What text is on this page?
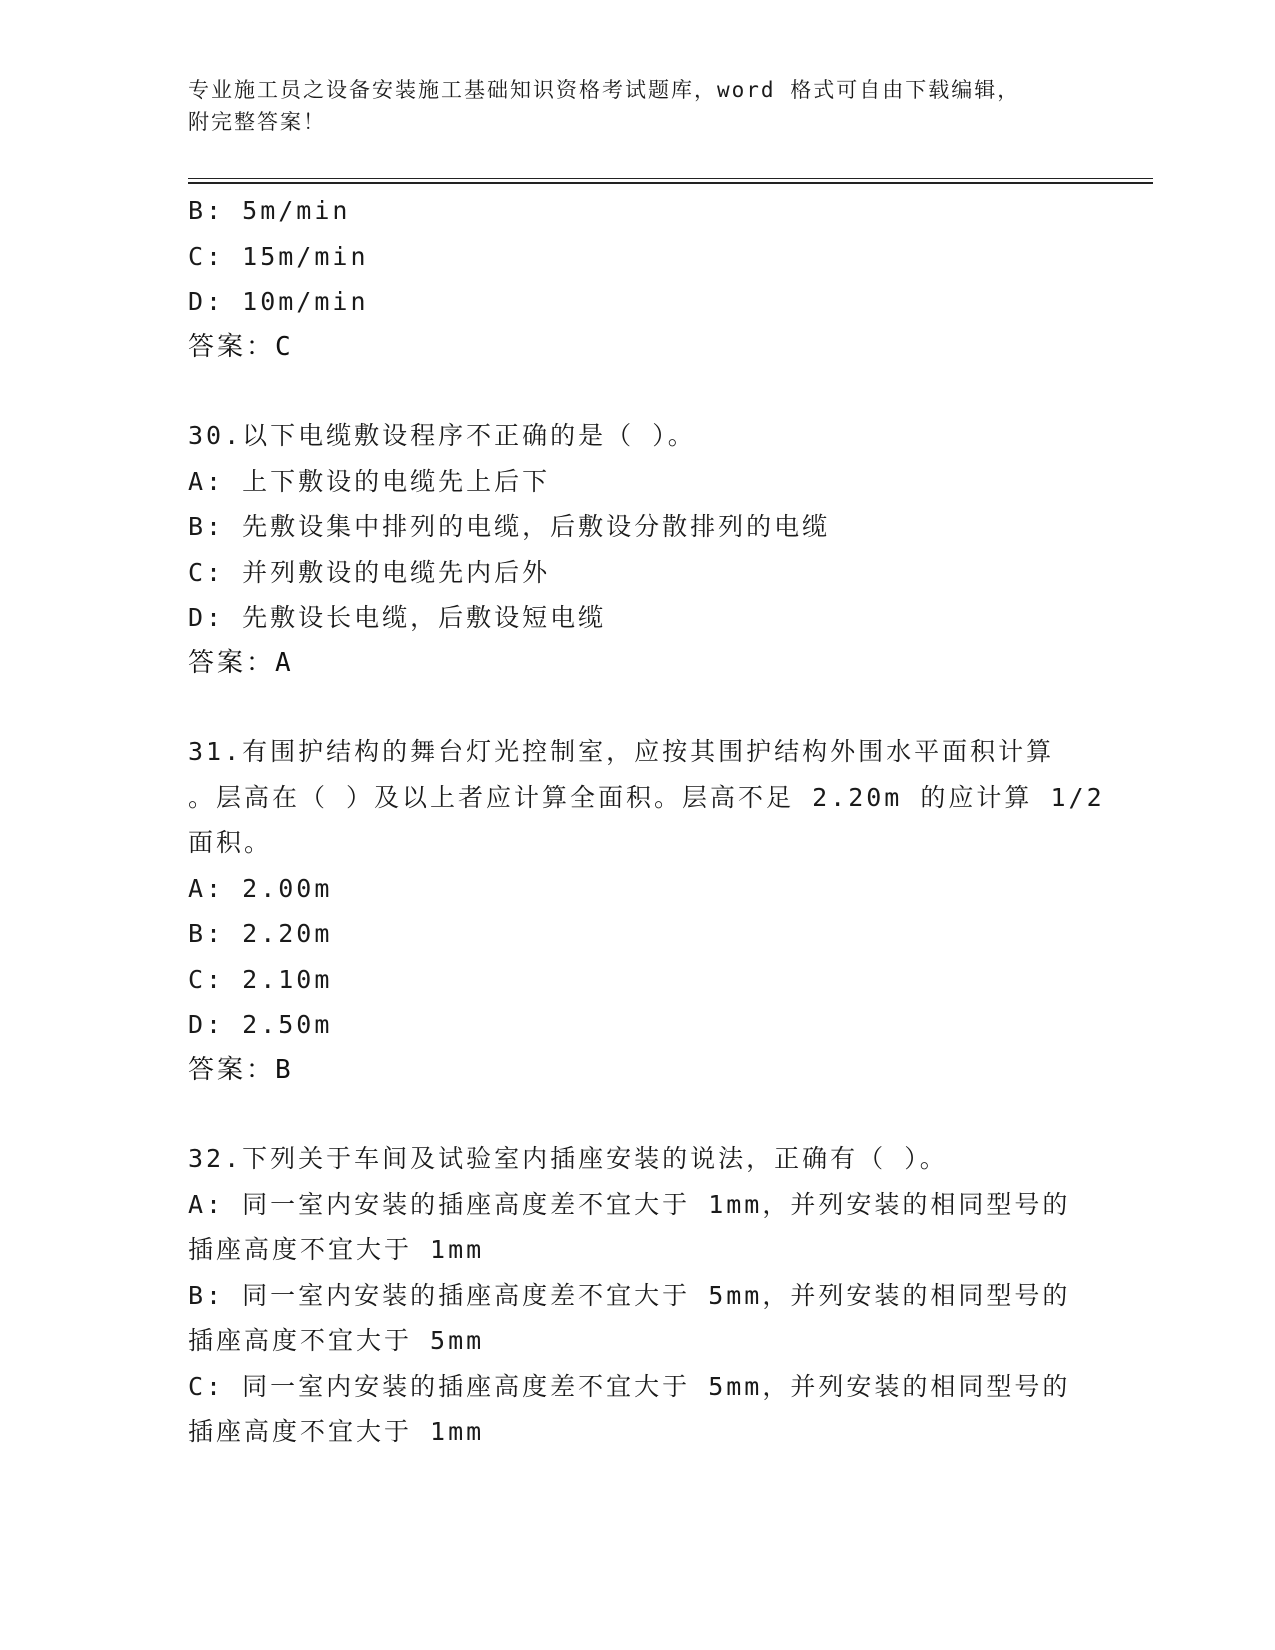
专业施工员之设备安装施工基础知识资格考试题库，word 格式可自由下载编辑，
附完整答案！
B: 5m/min
C: 15m/min
D: 10m/min
答案：C
30.以下电缆敷设程序不正确的是（ ）。
A: 上下敷设的电缆先上后下
B: 先敷设集中排列的电缆，后敷设分散排列的电缆
C: 并列敷设的电缆先内后外
D: 先敷设长电缆，后敷设短电缆
答案：A
31.有围护结构的舞台灯光控制室，应按其围护结构外围水平面积计算
。层高在（ ）及以上者应计算全面积。层高不足 2.20m 的应计算 1/2
面积。
A: 2.00m
B: 2.20m
C: 2.10m
D: 2.50m
答案：B
32.下列关于车间及试验室内插座安装的说法，正确有（ ）。
A: 同一室内安装的插座高度差不宜大于 1mm，并列安装的相同型号的
插座高度不宜大于 1mm
B: 同一室内安装的插座高度差不宜大于 5mm，并列安装的相同型号的
插座高度不宜大于 5mm
C: 同一室内安装的插座高度差不宜大于 5mm，并列安装的相同型号的
插座高度不宜大于 1mm
